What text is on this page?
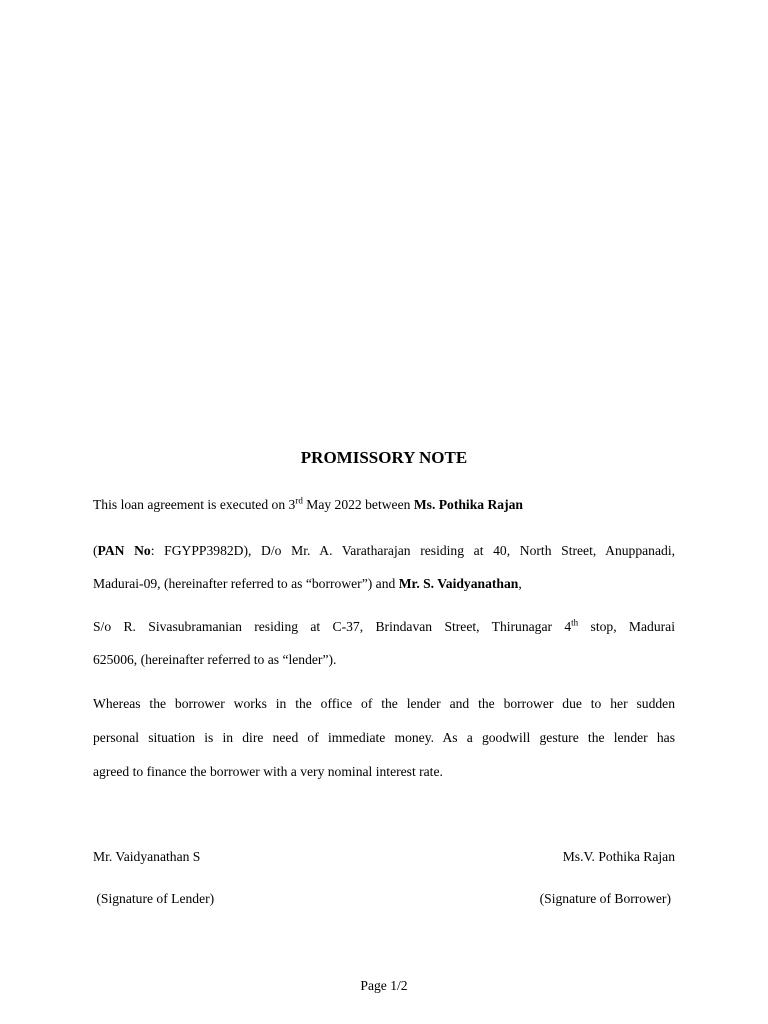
PROMISSORY NOTE
This loan agreement is executed on 3rd May 2022 between Ms. Pothika Rajan
(PAN No: FGYPP3982D), D/o Mr. A. Varatharajan residing at 40, North Street, Anuppanadi,
Madurai-09, (hereinafter referred to as “borrower”) and Mr. S. Vaidyanathan,
S/o R. Sivasubramanian residing at C-37, Brindavan Street, Thirunagar 4th stop, Madurai
625006, (hereinafter referred to as “lender”).
Whereas the borrower works in the office of the lender and the borrower due to her sudden
personal situation is in dire need of immediate money. As a goodwill gesture the lender has
agreed to finance the borrower with a very nominal interest rate.
Mr. Vaidyanathan S	Ms.V. Pothika Rajan
(Signature of Lender)	(Signature of Borrower)
Page 1/2
